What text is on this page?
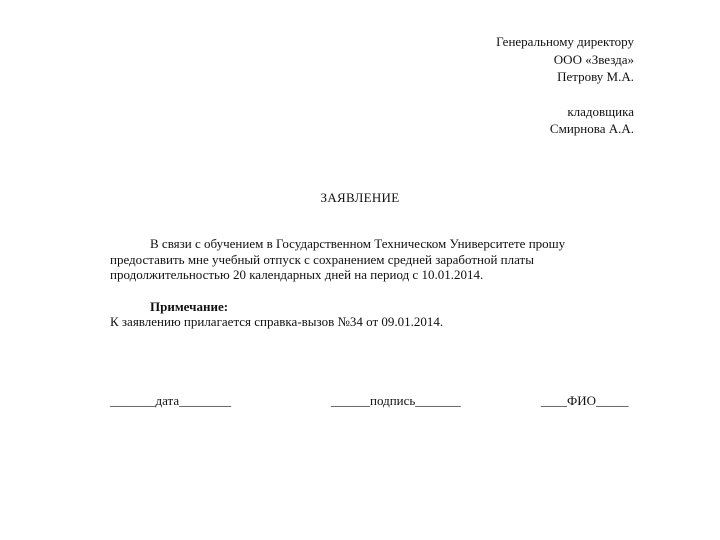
Генеральному директору
ООО «Звезда»
Петрову М.А.
кладовщика
Смирнова А.А.
ЗАЯВЛЕНИЕ
В связи с обучением в Государственном Техническом Университете прошу
предоставить мне учебный отпуск с сохранением средней заработной платы
продолжительностью 20 календарных дней на период с 10.01.2014.
Примечание:
К заявлению прилагается справка-вызов №34 от 09.01.2014.
_______дата________	______подпись_______	____ФИО_____
